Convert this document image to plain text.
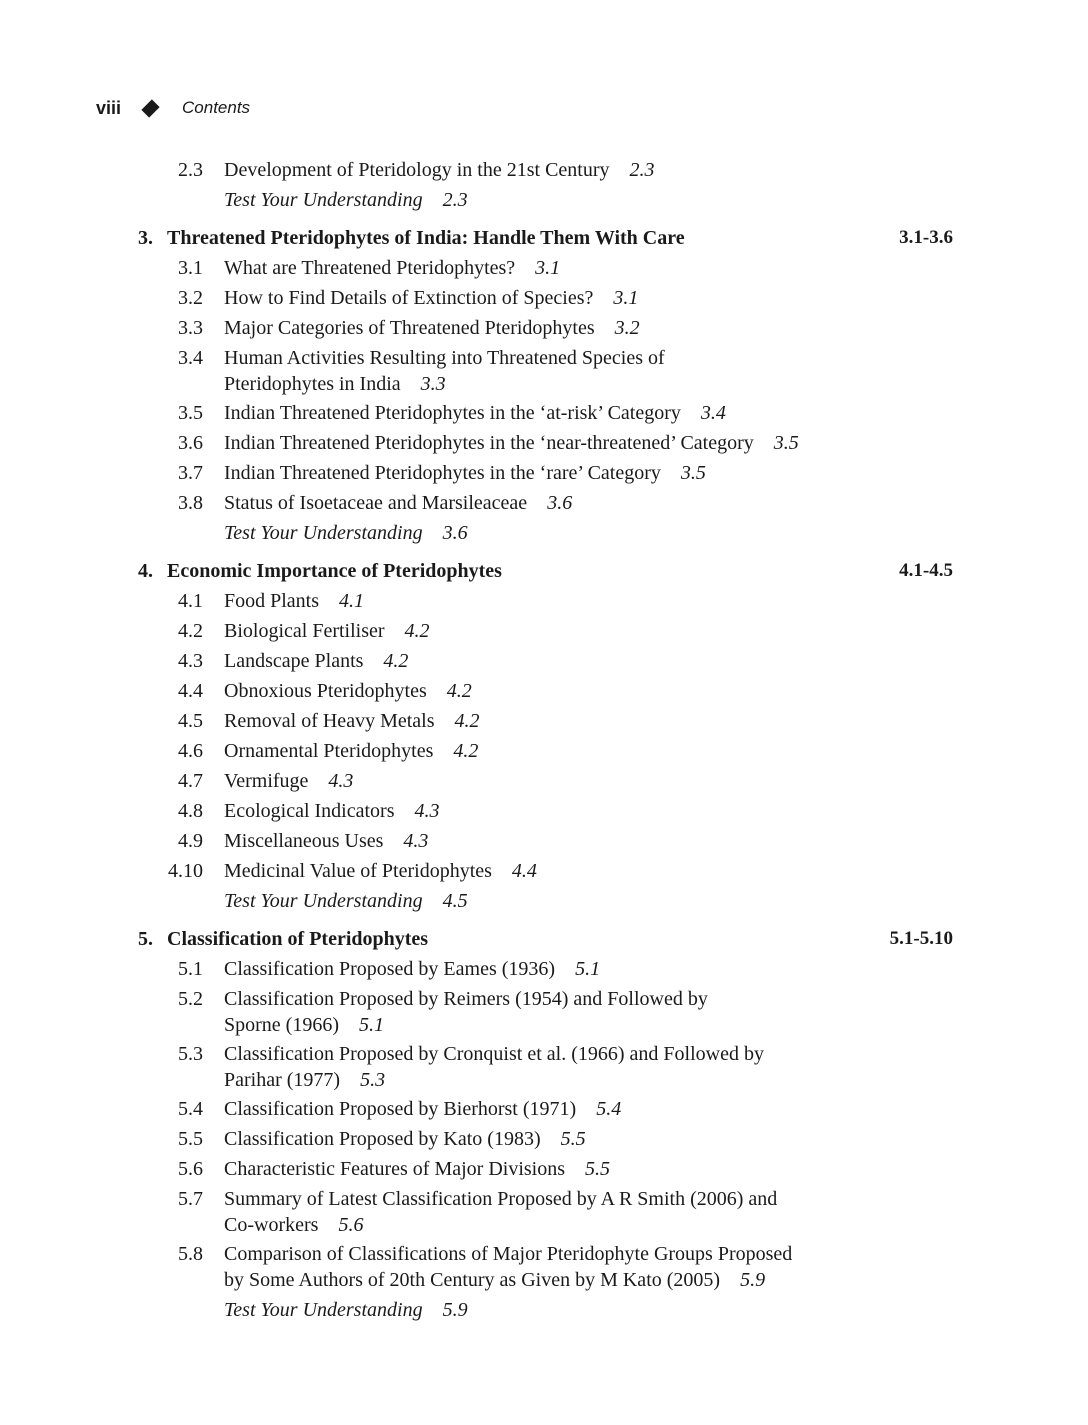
viii	Contents
2.3 Development of Pteridology in the 21st Century 2.3
Test Your Understanding 2.3
3. Threatened Pteridophytes of India: Handle Them With Care	3.1-3.6
3.1 What are Threatened Pteridophytes? 3.1
3.2 How to Find Details of Extinction of Species? 3.1
3.3 Major Categories of Threatened Pteridophytes 3.2
3.4 Human Activities Resulting into Threatened Species of
Pteridophytes in India 3.3
3.5 Indian Threatened Pteridophytes in the ‘at-risk’ Category 3.4
3.6 Indian Threatened Pteridophytes in the ‘near-threatened’ Category 3.5
3.7 Indian Threatened Pteridophytes in the ‘rare’ Category 3.5
3.8 Status of Isoetaceae and Marsileaceae 3.6
Test Your Understanding 3.6
4. Economic Importance of Pteridophytes	4.1-4.5
4.1 Food Plants 4.1
4.2 Biological Fertiliser 4.2
4.3 Landscape Plants 4.2
4.4 Obnoxious Pteridophytes 4.2
4.5 Removal of Heavy Metals 4.2
4.6 Ornamental Pteridophytes 4.2
4.7 Vermifuge 4.3
4.8 Ecological Indicators 4.3
4.9 Miscellaneous Uses 4.3
4.10 Medicinal Value of Pteridophytes 4.4
Test Your Understanding 4.5
5. Classification of Pteridophytes	5.1-5.10
5.1 Classification Proposed by Eames (1936) 5.1
5.2 Classification Proposed by Reimers (1954) and Followed by
Sporne (1966) 5.1
5.3 Classification Proposed by Cronquist et al. (1966) and Followed by
Parihar (1977) 5.3
5.4 Classification Proposed by Bierhorst (1971) 5.4
5.5 Classification Proposed by Kato (1983) 5.5
5.6 Characteristic Features of Major Divisions 5.5
5.7 Summary of Latest Classification Proposed by A R Smith (2006) and
Co-workers 5.6
5.8 Comparison of Classifications of Major Pteridophyte Groups Proposed
by Some Authors of 20th Century as Given by M Kato (2005) 5.9
Test Your Understanding 5.9
